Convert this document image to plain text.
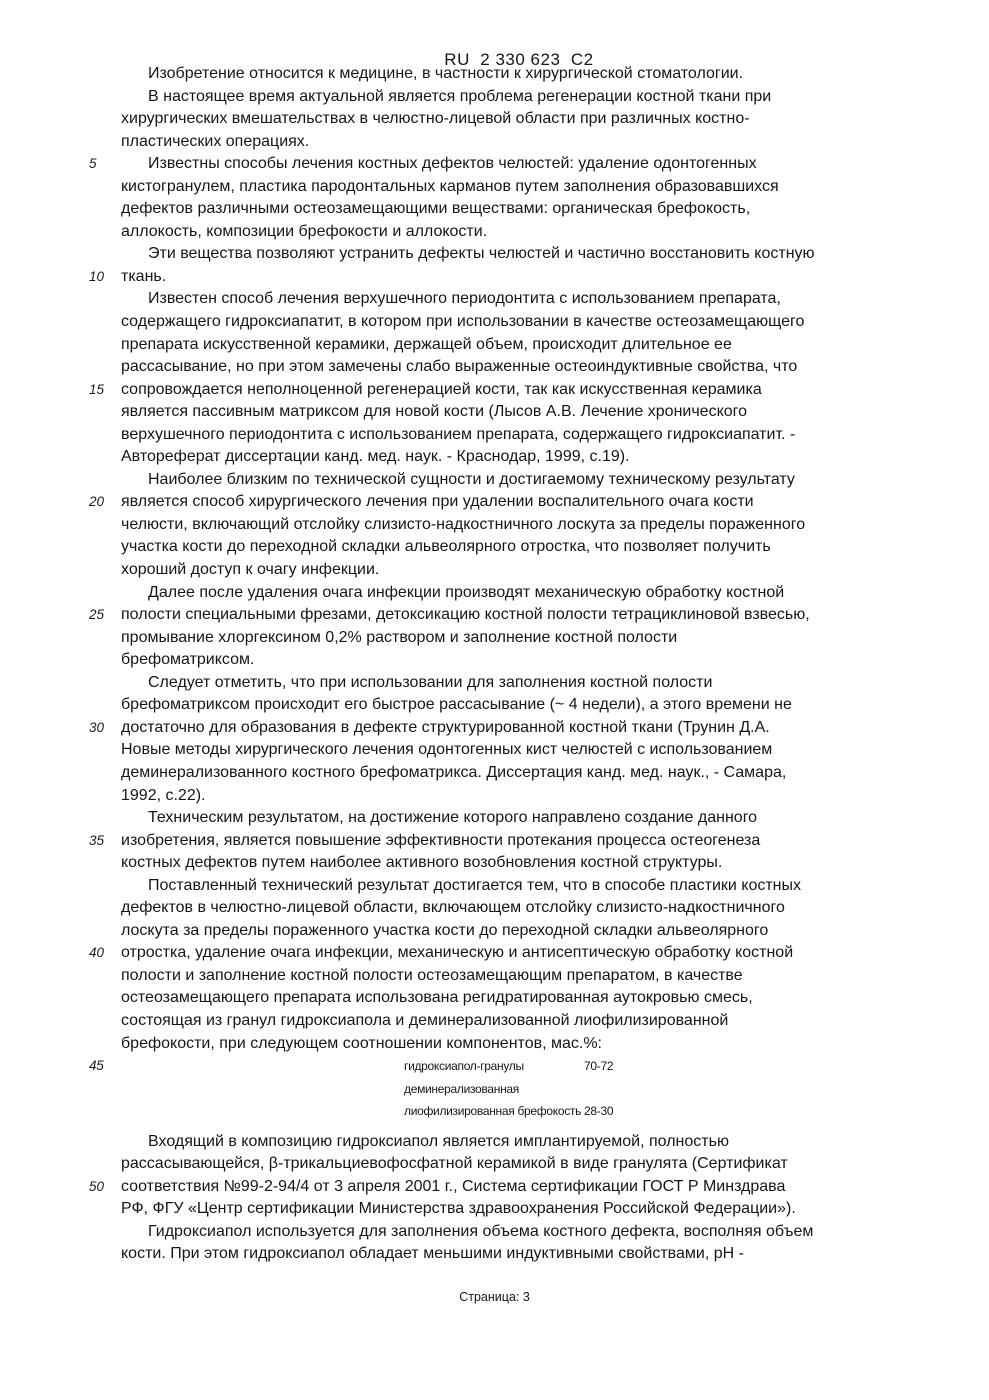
RU  2 330 623  C2

Изобретение относится к медицине, в частности к хирургической стоматологии.
В настоящее время актуальной является проблема регенерации костной ткани при
хирургических вмешательствах в челюстно-лицевой области при различных костно-
пластических операциях.
5	Известны способы лечения костных дефектов челюстей: удаление одонтогенных
кистогранулем, пластика пародонтальных карманов путем заполнения образовавшихся
дефектов различными остеозамещающими веществами: органическая брефокость,
аллокость, композиции брефокости и аллокости.
Эти вещества позволяют устранить дефекты челюстей и частично восстановить костную
10 ткань.
Известен способ лечения верхушечного периодонтита с использованием препарата,
содержащего гидроксиапатит, в котором при использовании в качестве остеозамещающего
препарата искусственной керамики, держащей объем, происходит длительное ее
рассасывание, но при этом замечены слабо выраженные остеоиндуктивные свойства, что
15 сопровождается неполноценной регенерацией кости, так как искусственная керамика
является пассивным матриксом для новой кости (Лысов А.В. Лечение хронического
верхушечного периодонтита с использованием препарата, содержащего гидроксиапатит. -
Автореферат диссертации канд. мед. наук. - Краснодар, 1999, с.19).
Наиболее близким по технической сущности и достигаемому техническому результату
20 является способ хирургического лечения при удалении воспалительного очага кости
челюсти, включающий отслойку слизисто-надкостничного лоскута за пределы пораженного
участка кости до переходной складки альвеолярного отростка, что позволяет получить
хороший доступ к очагу инфекции.
Далее после удаления очага инфекции производят механическую обработку костной
25 полости специальными фрезами, детоксикацию костной полости тетрациклиновой взвесью,
промывание хлоргексином 0,2% раствором и заполнение костной полости
брефоматриксом.
Следует отметить, что при использовании для заполнения костной полости
брефоматриксом происходит его быстрое рассасывание (~ 4 недели), а этого времени не
30 достаточно для образования в дефекте структурированной костной ткани (Трунин Д.А.
Новые методы хирургического лечения одонтогенных кист челюстей с использованием
деминерализованного костного брефоматрикса. Диссертация канд. мед. наук., - Самара,
1992, с.22).
Техническим результатом, на достижение которого направлено создание данного
35 изобретения, является повышение эффективности протекания процесса остеогенеза
костных дефектов путем наиболее активного возобновления костной структуры.
Поставленный технический результат достигается тем, что в способе пластики костных
дефектов в челюстно-лицевой области, включающем отслойку слизисто-надкостничного
лоскута за пределы пораженного участка кости до переходной складки альвеолярного
40 отростка, удаление очага инфекции, механическую и антисептическую обработку костной
полости и заполнение костной полости остеозамещающим препаратом, в качестве
остеозамещающего препарата использована регидратированная аутокровью смесь,
состоящая из гранул гидроксиапола и деминерализованной лиофилизированной
брефокости, при следующем соотношении компонентов, мас.%:
45	гидроксиапол-гранулы	70-72
деминерализованная
лиофилизированная брефокость 28-30
Входящий в композицию гидроксиапол является имплантируемой, полностью
рассасывающейся, β-трикальциевофосфатной керамикой в виде гранулята (Сертификат
50 соответствия №99-2-94/4 от 3 апреля 2001 г., Система сертификации ГОСТ Р Минздрава
РФ, ФГУ «Центр сертификации Министерства здравоохранения Российской Федерации»).
Гидроксиапол используется для заполнения объема костного дефекта, восполняя объем
кости. При этом гидроксиапол обладает меньшими индуктивными свойствами, pH -
Страница: 3
